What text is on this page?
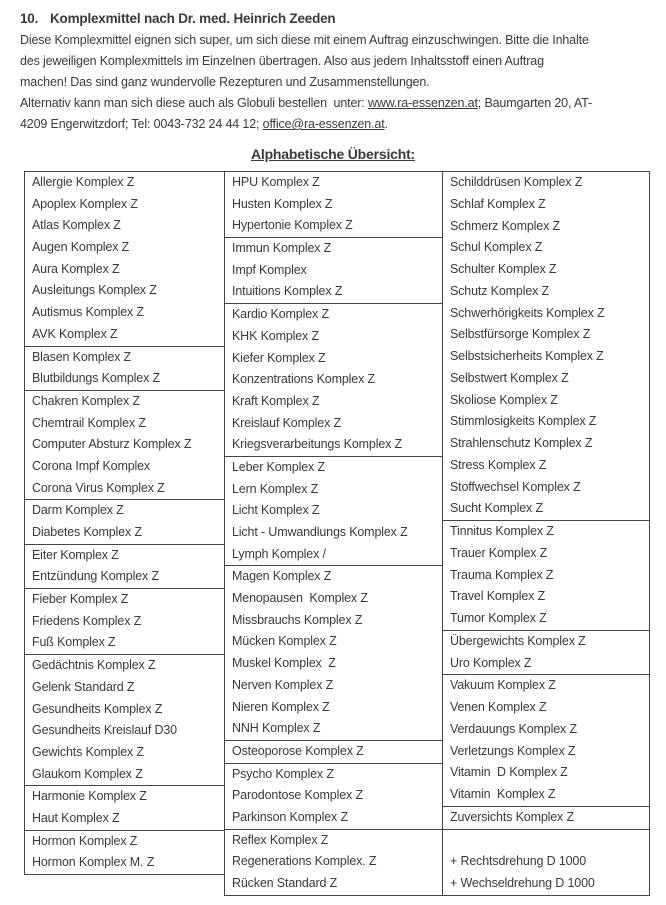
10. Komplexmittel nach Dr. med. Heinrich Zeeden
Diese Komplexmittel eignen sich super, um sich diese mit einem Auftrag einzuschwingen. Bitte die Inhalte
des jeweiligen Komplexmittels im Einzelnen übertragen. Also aus jedem Inhaltsstoff einen Auftrag
machen! Das sind ganz wundervolle Rezepturen und Zusammenstellungen.
Alternativ kann man sich diese auch als Globuli bestellen  unter: www.ra-essenzen.at; Baumgarten 20, AT-
4209 Engerwitzdorf; Tel: 0043-732 24 44 12; office@ra-essenzen.at.
Alphabetische Übersicht:
Allergie Komplex Z
Apoplex Komplex Z
Atlas Komplex Z
Augen Komplex Z
Aura Komplex Z
Ausleitungs Komplex Z
Autismus Komplex Z
AVK Komplex Z
Blasen Komplex Z
Blutbildungs Komplex Z
Chakren Komplex Z
Chemtrail Komplex Z
Computer Absturz Komplex Z
Corona Impf Komplex
Corona Virus Komplex Z
Darm Komplex Z
Diabetes Komplex Z
Eiter Komplex Z
Entzündung Komplex Z
Fieber Komplex Z
Friedens Komplex Z
Fuß Komplex Z
Gedächtnis Komplex Z
Gelenk Standard Z
Gesundheits Komplex Z
Gesundheits Kreislauf D30
Gewichts Komplex Z
Glaukom Komplex Z
Harmonie Komplex Z
Haut Komplex Z
Hormon Komplex Z
Hormon Komplex M. Z
HPU Komplex Z
Husten Komplex Z
Hypertonie Komplex Z
Immun Komplex Z
Impf Komplex
Intuitions Komplex Z
Kardio Komplex Z
KHK Komplex Z
Kiefer Komplex Z
Konzentrations Komplex Z
Kraft Komplex Z
Kreislauf Komplex Z
Kriegsverarbeitungs Komplex Z
Leber Komplex Z
Lern Komplex Z
Licht Komplex Z
Licht - Umwandlungs Komplex Z
Lymph Komplex /
Magen Komplex Z
Menopausen  Komplex Z
Missbrauchs Komplex Z
Mücken Komplex Z
Muskel Komplex  Z
Nerven Komplex Z
Nieren Komplex Z
NNH Komplex Z
Osteoporose Komplex Z
Psycho Komplex Z
Parodontose Komplex Z
Parkinson Komplex Z
Reflex Komplex Z
Regenerations Komplex. Z
Rücken Standard Z
Schilddrüsen Komplex Z
Schlaf Komplex Z
Schmerz Komplex Z
Schul Komplex Z
Schulter Komplex Z
Schutz Komplex Z
Schwerhörigkeits Komplex Z
Selbstfürsorge Komplex Z
Selbstsicherheits Komplex Z
Selbstwert Komplex Z
Skoliose Komplex Z
Stimmlosigkeits Komplex Z
Strahlenschutz Komplex Z
Stress Komplex Z
Stoffwechsel Komplex Z
Sucht Komplex Z
Tinnitus Komplex Z
Trauer Komplex Z
Trauma Komplex Z
Travel Komplex Z
Tumor Komplex Z
Übergewichts Komplex Z
Uro Komplex Z
Vakuum Komplex Z
Venen Komplex Z
Verdauungs Komplex Z
Verletzungs Komplex Z
Vitamin  D Komplex Z
Vitamin  Komplex Z
Zuversichts Komplex Z
+ Rechtsdrehung D 1000
+ Wechseldrehung D 1000
